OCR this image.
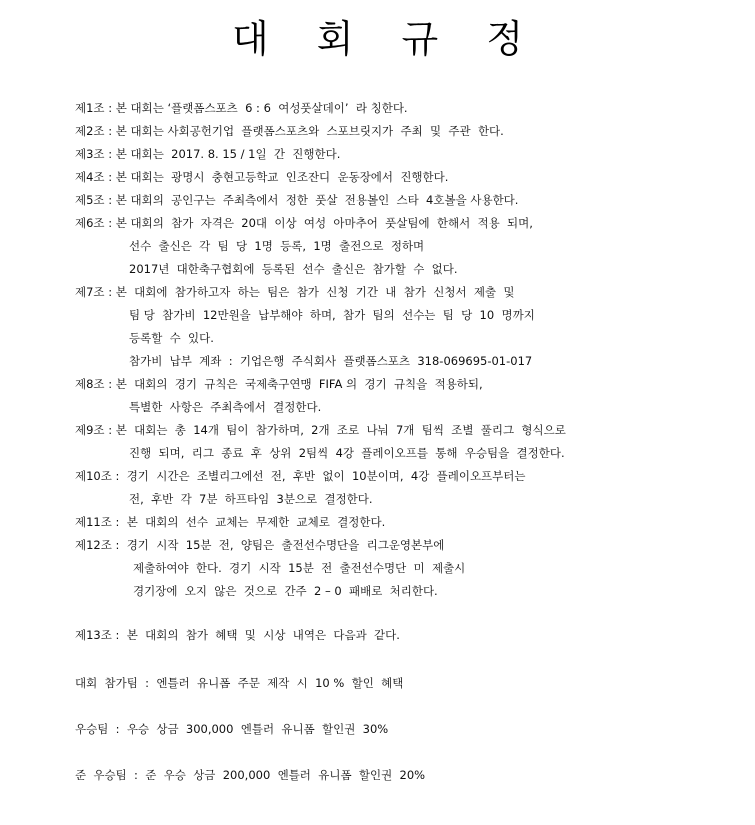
대 회 규 정
제1조 : 본 대회는 ‘플랫폼스포츠  6 : 6  여성풋살데이’  라 칭한다.
제2조 : 본 대회는 사회공헌기업  플랫폼스포츠와  스포브릿지가  주최  및  주관  한다.
제3조 : 본 대회는  2017. 8. 15 / 1일  간  진행한다.
제4조 : 본 대회는  광명시  충현고등학교  인조잔디  운동장에서  진행한다.
제5조 : 본 대회의  공인구는  주최측에서  정한  풋살  전용볼인  스타  4호볼을 사용한다.
제6조 : 본 대회의  참가  자격은  20대  이상  여성  아마추어  풋살팀에  한해서  적용  되며,
선수  출신은  각  팀  당  1명  등록,  1명  출전으로  정하며
2017년  대한축구협회에  등록된  선수  출신은  참가할  수  없다.
제7조 : 본  대회에  참가하고자  하는  팀은  참가  신청  기간  내  참가  신청서  제출  및
팀 당  참가비  12만원을  납부해야  하며,  참가  팀의  선수는  팀  당  10  명까지
등록할  수  있다.
참가비  납부  계좌  :  기업은행  주식회사  플랫폼스포츠  318-069695-01-017
제8조 : 본  대회의  경기  규칙은  국제축구연맹  FIFA 의  경기  규칙을  적용하되,
특별한  사항은  주최측에서  결정한다.
제9조 : 본  대회는  총  14개  팀이  참가하며,  2개  조로  나눠  7개  팀씩  조별  풀리그  형식으로
진행  되며,  리그  종료  후  상위  2팀씩  4강  플레이오프를  통해  우승팀을  결정한다.
제10조 :  경기  시간은  조별리그에선  전,  후반  없이  10분이며,  4강  플레이오프부터는
전,  후반  각  7분  하프타임  3분으로  결정한다.
제11조 :  본  대회의  선수  교체는  무제한  교체로  결정한다.
제12조 :  경기  시작  15분  전,  양팀은  출전선수명단을  리그운영본부에
제출하여야  한다.  경기  시작  15분  전  출전선수명단  미  제출시
경기장에  오지  않은  것으로  간주  2 – 0  패배로  처리한다.
제13조 :  본  대회의  참가  혜택  및  시상  내역은  다음과  같다.
대회  참가팀  :  엔틀러  유니폼  주문  제작  시  10 %  할인  혜택
우승팀  :  우승  상금  300,000  엔틀러  유니폼  할인권  30%
준  우승팀  :  준  우승  상금  200,000  엔틀러  유니폼  할인권  20%
